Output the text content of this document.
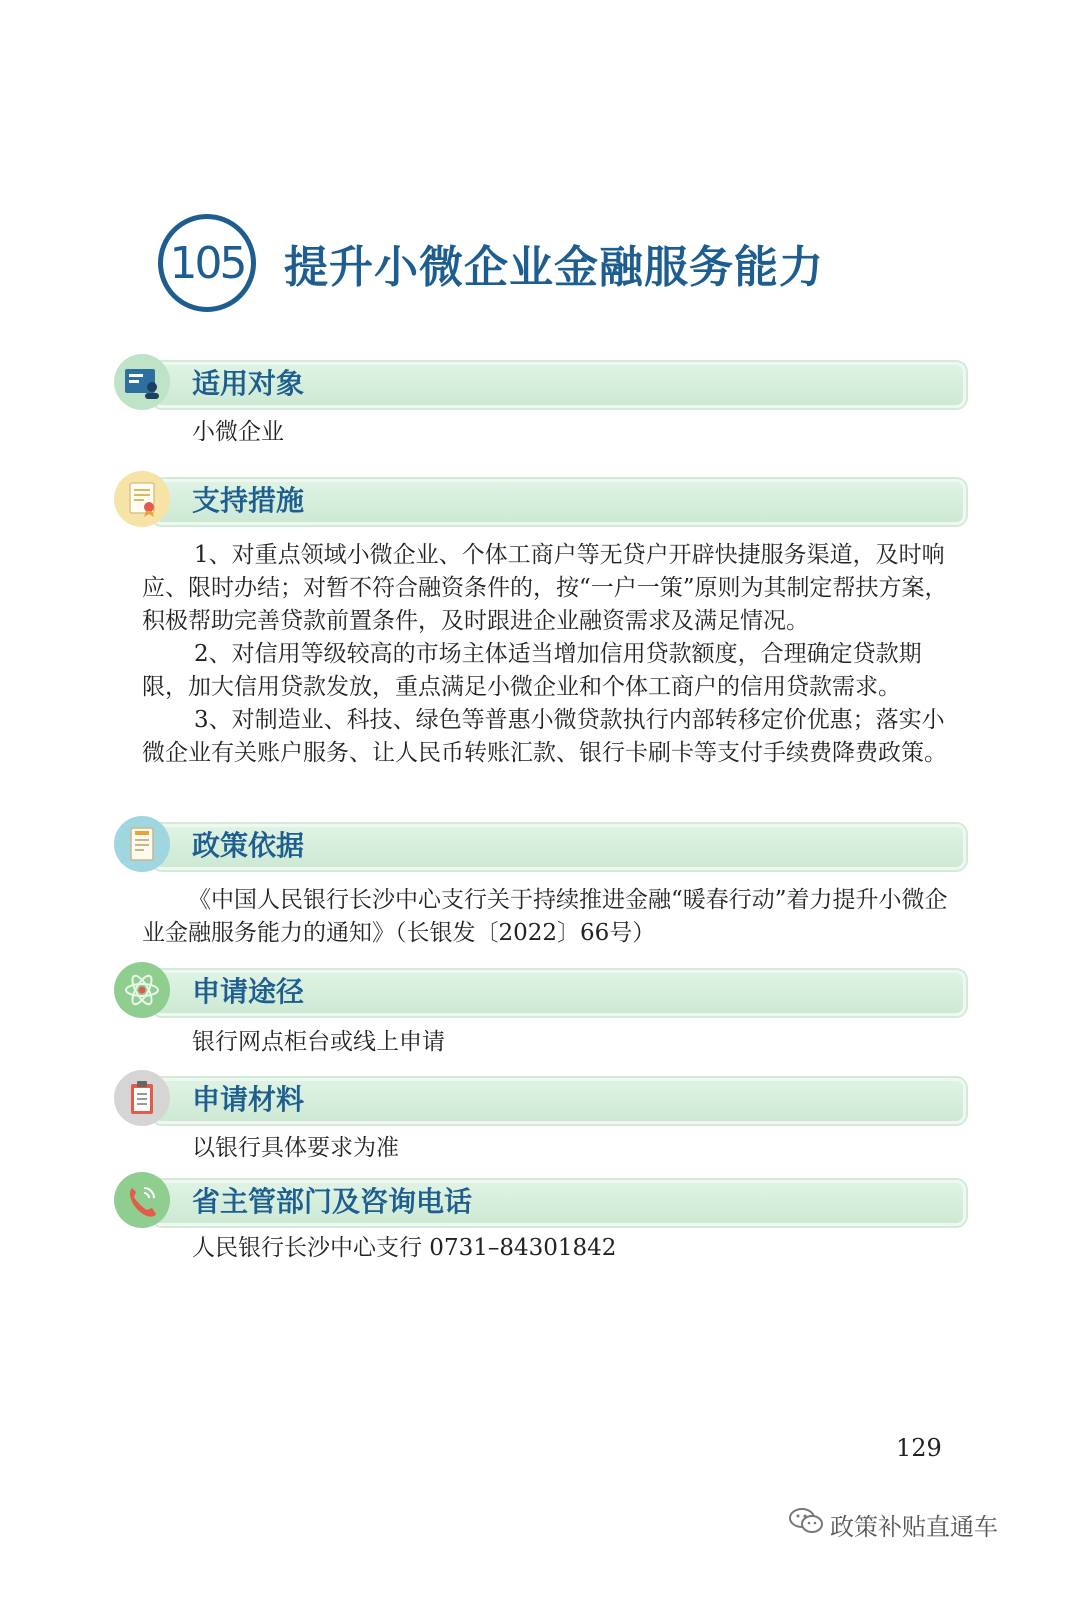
105 提升小微企业金融服务能力
适用对象
小微企业
支持措施

1、对重点领域小微企业、个体工商户等无贷户开辟快捷服务渠道，及时响应、限时办结；对暂不符合融资条件的，按“一户一策”原则为其制定帮扶方案，积极帮助完善贷款前置条件，及时跟进企业融资需求及满足情况。

2、对信用等级较高的市场主体适当增加信用贷款额度，合理确定贷款期限，加大信用贷款发放，重点满足小微企业和个体工商户的信用贷款需求。

3、对制造业、科技、绿色等普惠小微贷款执行内部转移定价优惠；落实小微企业有关账户服务、让人民币转账汇款、银行卡刷卡等支付手续费降费政策。

政策依据

《中国人民银行长沙中心支行关于持续推进金融“暖春行动”着力提升小微企业金融服务能力的通知》（长银发〔2022〕66号）

申请途径
银行网点柜台或线上申请
申请材料
以银行具体要求为准
省主管部门及咨询电话
人民银行长沙中心支行 0731–84301842
129
政策补贴直通车
